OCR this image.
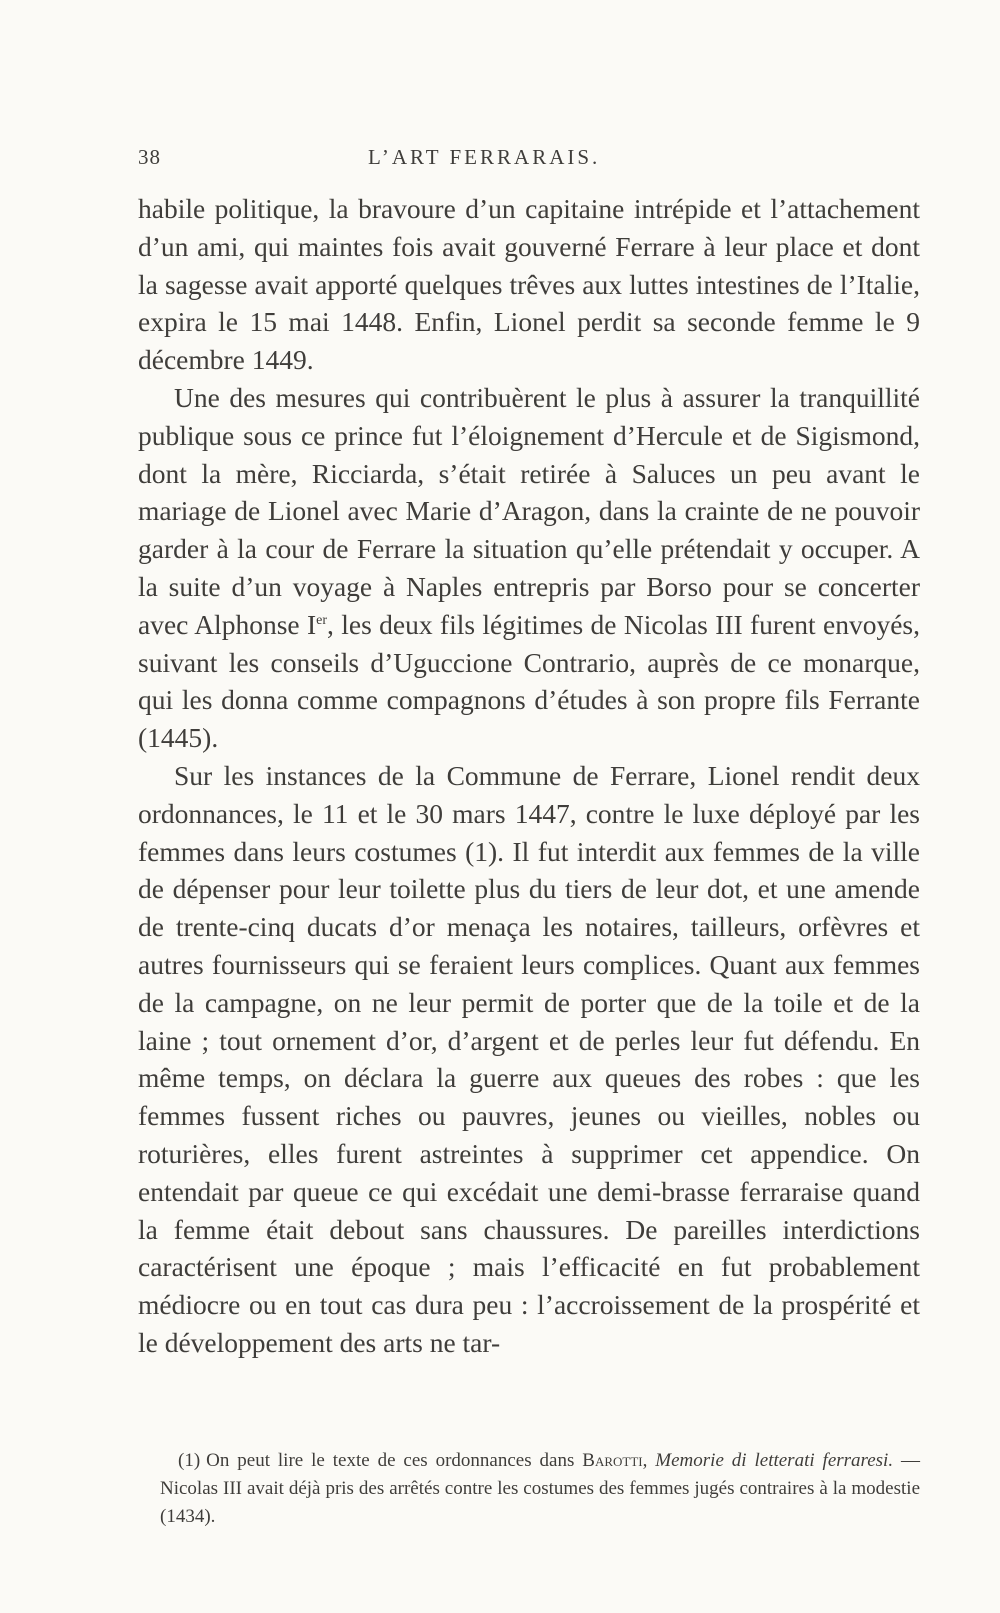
38	L’ART FERRARAIS.

habile politique, la bravoure d’un capitaine intrépide et l’attachement d’un ami, qui maintes fois avait gouverné Ferrare à leur place et dont la sagesse avait apporté quelques trêves aux luttes intestines de l’Italie, expira le 15 mai 1448. Enfin, Lionel perdit sa seconde femme le 9 décembre 1449.

Une des mesures qui contribuèrent le plus à assurer la tranquillité publique sous ce prince fut l’éloignement d’Hercule et de Sigismond, dont la mère, Ricciarda, s’était retirée à Saluces un peu avant le mariage de Lionel avec Marie d’Aragon, dans la crainte de ne pouvoir garder à la cour de Ferrare la situation qu’elle prétendait y occuper. A la suite d’un voyage à Naples entrepris par Borso pour se concerter avec Alphonse Ier, les deux fils légitimes de Nicolas III furent envoyés, suivant les conseils d’Uguccione Contrario, auprès de ce monarque, qui les donna comme compagnons d’études à son propre fils Ferrante (1445).

Sur les instances de la Commune de Ferrare, Lionel rendit deux ordonnances, le 11 et le 30 mars 1447, contre le luxe déployé par les femmes dans leurs costumes (1). Il fut interdit aux femmes de la ville de dépenser pour leur toilette plus du tiers de leur dot, et une amende de trente-cinq ducats d’or menaça les notaires, tailleurs, orfèvres et autres fournisseurs qui se feraient leurs complices. Quant aux femmes de la campagne, on ne leur permit de porter que de la toile et de la laine ; tout ornement d’or, d’argent et de perles leur fut défendu. En même temps, on déclara la guerre aux queues des robes : que les femmes fussent riches ou pauvres, jeunes ou vieilles, nobles ou roturières, elles furent astreintes à supprimer cet appendice. On entendait par queue ce qui excédait une demi-brasse ferraraise quand la femme était debout sans chaussures. De pareilles interdictions caractérisent une époque ; mais l’efficacité en fut probablement médiocre ou en tout cas dura peu : l’accroissement de la prospérité et le développement des arts ne tar-

(1) On peut lire le texte de ces ordonnances dans Barotti, Memorie di letterati ferraresi. — Nicolas III avait déjà pris des arrêtés contre les costumes des femmes jugés contraires à la modestie (1434).
